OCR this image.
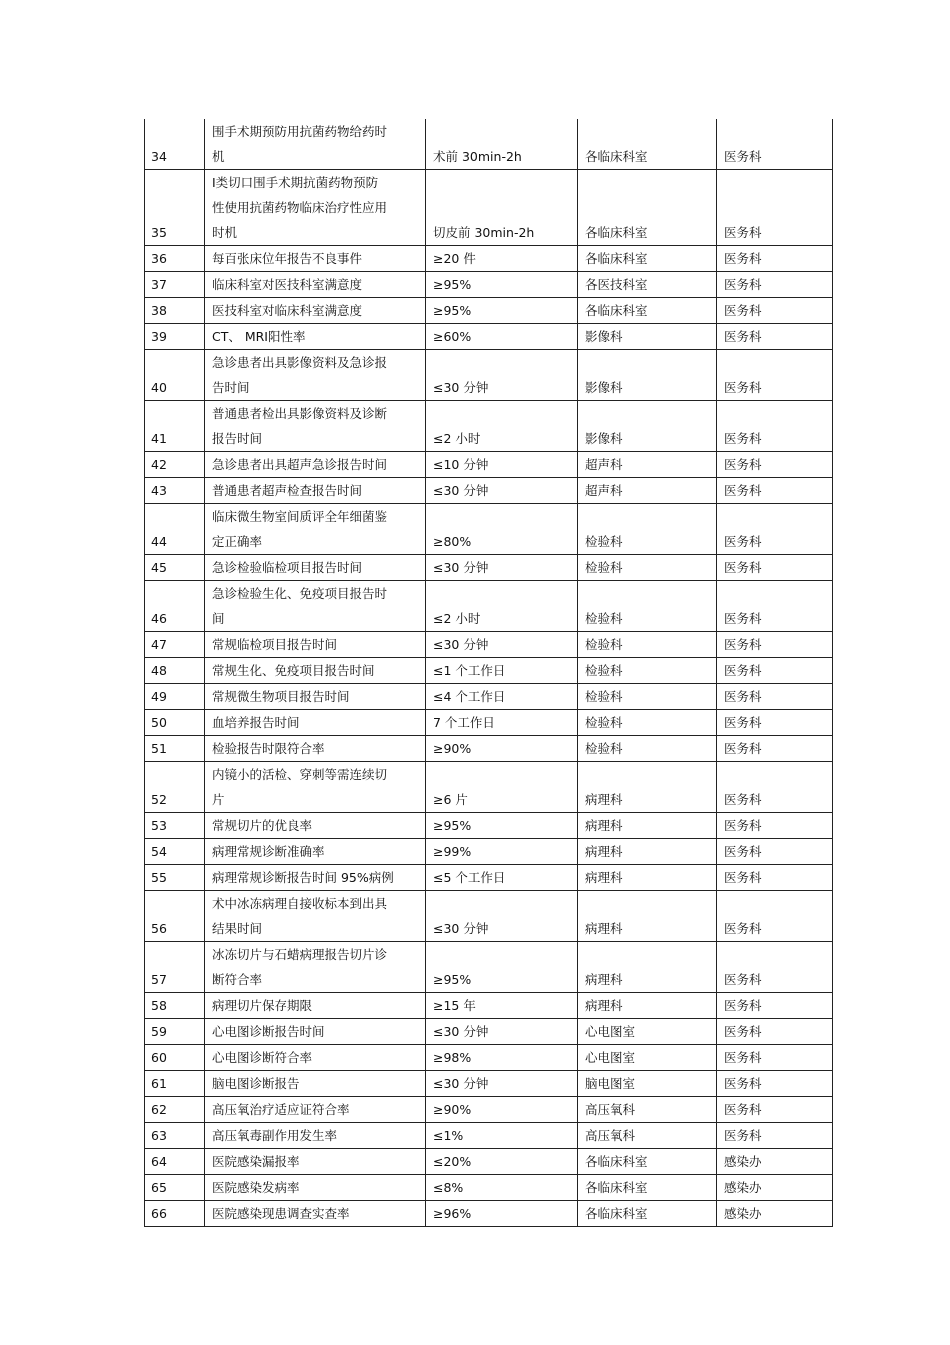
34	围手术期预防用抗菌药物给药时
机	术前 30min-2h	各临床科室	医务科
35	Ⅰ类切口围手术期抗菌药物预防
性使用抗菌药物临床治疗性应用
时机	切皮前 30min-2h	各临床科室	医务科
36	每百张床位年报告不良事件	≥20 件	各临床科室	医务科
37	临床科室对医技科室满意度	≥95%	各医技科室	医务科
38	医技科室对临床科室满意度	≥95%	各临床科室	医务科
39	CT、 MRI阳性率	≥60%	影像科	医务科
40	急诊患者出具影像资料及急诊报
告时间	≤30 分钟	影像科	医务科
41	普通患者检出具影像资料及诊断
报告时间	≤2 小时	影像科	医务科
42	急诊患者出具超声急诊报告时间	≤10 分钟	超声科	医务科
43	普通患者超声检查报告时间	≤30 分钟	超声科	医务科
44	临床微生物室间质评全年细菌鉴
定正确率	≥80%	检验科	医务科
45	急诊检验临检项目报告时间	≤30 分钟	检验科	医务科
46	急诊检验生化、免疫项目报告时
间	≤2 小时	检验科	医务科
47	常规临检项目报告时间	≤30 分钟	检验科	医务科
48	常规生化、免疫项目报告时间	≤1 个工作日	检验科	医务科
49	常规微生物项目报告时间	≤4 个工作日	检验科	医务科
50	血培养报告时间	7 个工作日	检验科	医务科
51	检验报告时限符合率	≥90%	检验科	医务科
52	内镜小的活检、穿刺等需连续切
片	≥6 片	病理科	医务科
53	常规切片的优良率	≥95%	病理科	医务科
54	病理常规诊断准确率	≥99%	病理科	医务科
55	病理常规诊断报告时间 95%病例	≤5 个工作日	病理科	医务科
56	术中冰冻病理自接收标本到出具
结果时间	≤30 分钟	病理科	医务科
57	冰冻切片与石蜡病理报告切片诊
断符合率	≥95%	病理科	医务科
58	病理切片保存期限	≥15 年	病理科	医务科
59	心电图诊断报告时间	≤30 分钟	心电图室	医务科
60	心电图诊断符合率	≥98%	心电图室	医务科
61	脑电图诊断报告	≤30 分钟	脑电图室	医务科
62	高压氧治疗适应证符合率	≥90%	高压氧科	医务科
63	高压氧毒副作用发生率	≤1%	高压氧科	医务科
64	医院感染漏报率	≤20%	各临床科室	感染办
65	医院感染发病率	≤8%	各临床科室	感染办
66	医院感染现患调查实查率	≥96%	各临床科室	感染办
